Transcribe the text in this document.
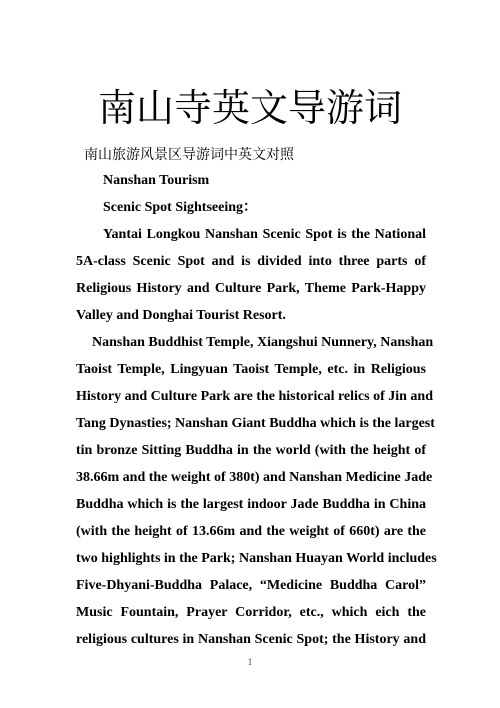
南山寺英文导游词
南山旅游风景区导游词中英文对照
Nanshan Tourism
Scenic Spot Sightseeing：
Yantai Longkou Nanshan Scenic Spot is the National
5A-class Scenic Spot and is divided into three parts of
Religious History and Culture Park, Theme Park-Happy
Valley and Donghai Tourist Resort.
Nanshan Buddhist Temple, Xiangshui Nunnery, Nanshan
Taoist Temple, Lingyuan Taoist Temple, etc. in Religious
History and Culture Park are the historical relics of Jin and
Tang Dynasties; Nanshan Giant Buddha which is the largest
tin bronze Sitting Buddha in the world (with the height of
38.66m and the weight of 380t) and Nanshan Medicine Jade
Buddha which is the largest indoor Jade Buddha in China
(with the height of 13.66m and the weight of 660t) are the
two highlights in the Park; Nanshan Huayan World includes
Five-Dhyani-Buddha Palace, “Medicine Buddha Carol”
Music Fountain, Prayer Corridor, etc., which eich the
religious cultures in Nanshan Scenic Spot; the History and
1
